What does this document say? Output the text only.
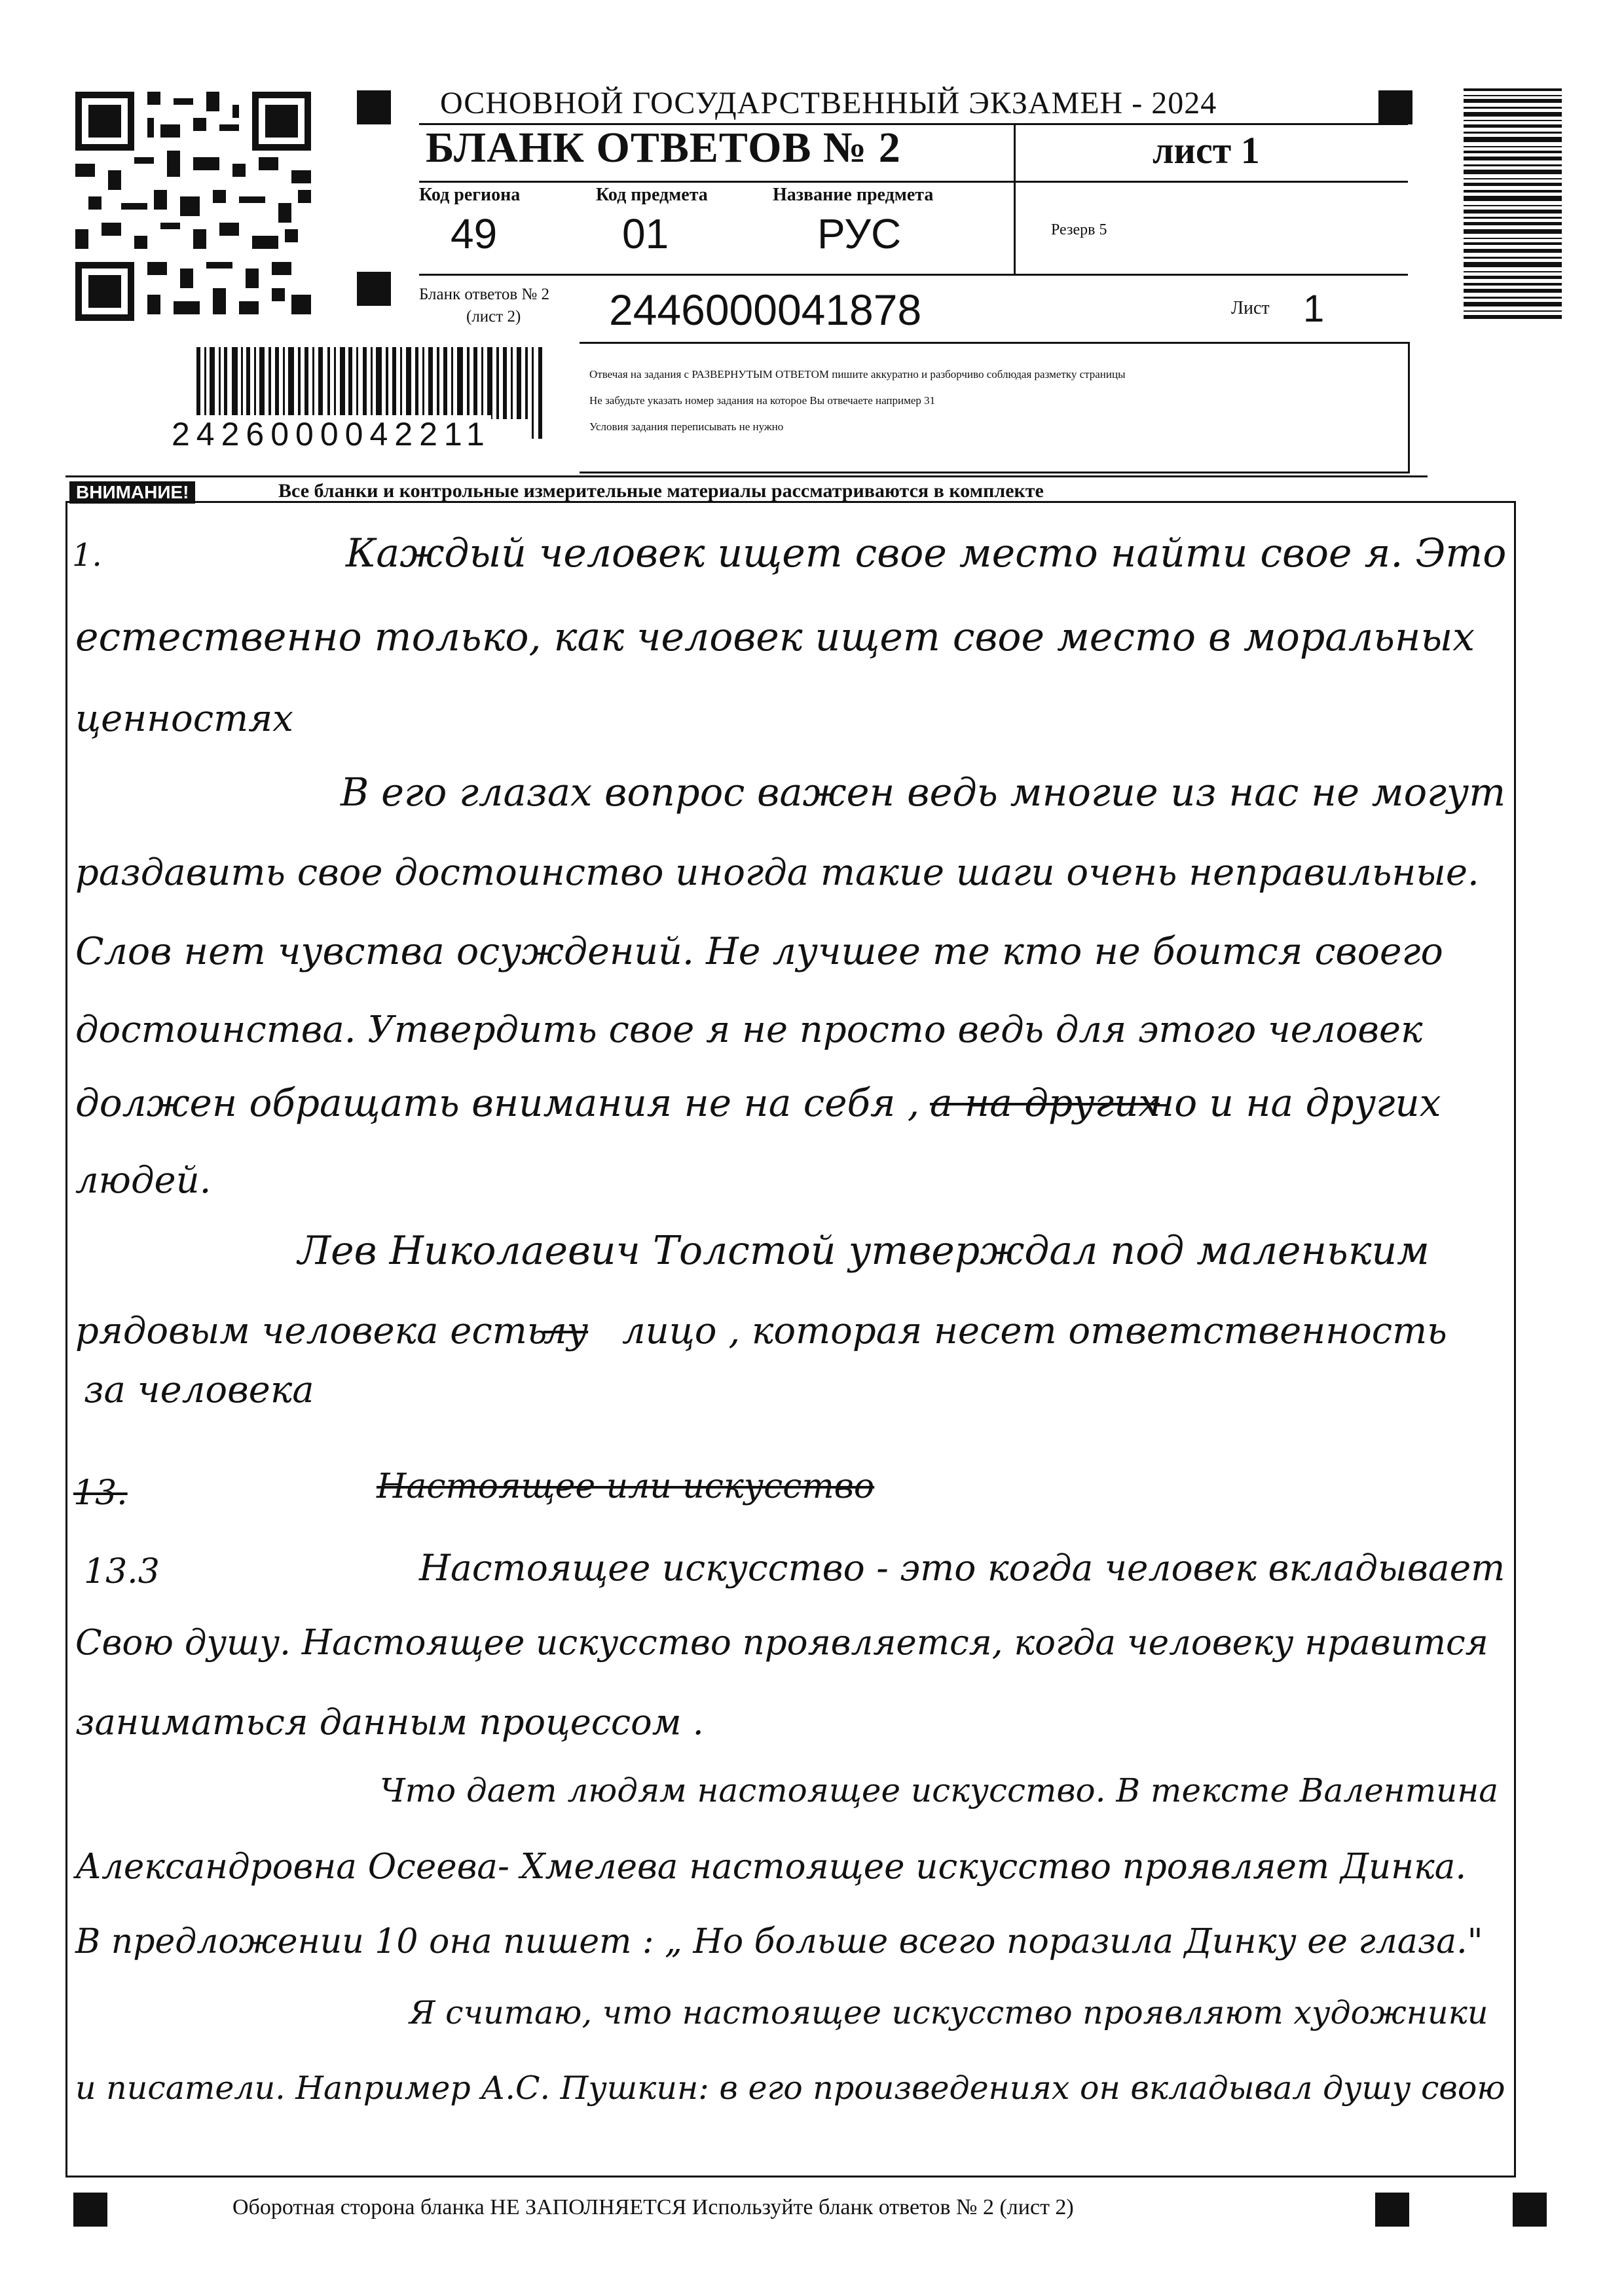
ОСНОВНОЙ ГОСУДАРСТВЕННЫЙ ЭКЗАМЕН - 2024
БЛАНК ОТВЕТОВ № 2	лист 1
Код региона
49
Код предмета
01
Название предмета
РУС	Резерв 5
Бланк ответов № 2
(лист 2) 2446000041878	Лист 1
Отвечая на задания с РАЗВЕРНУТЫМ ОТВЕТОМ пишите аккуратно и разборчиво соблюдая разметку страницы
Не забудьте указать номер задания на которое Вы отвечаете например 31
Условия задания переписывать не нужно
2426000042211
ВНИМАНИЕ!	Все бланки и контрольные измерительные материалы рассматриваются в комплекте
1.	Каждый человек ищет свое место найти свое я. Это
естественно только, как человек ищет свое место в моральных
ценностях
В его глазах вопрос важен ведь многие из нас не могут
раздавить свое достоинство иногда такие шаги очень неправильные.
Слов нет чувства осуждений. Не лучшее те кто не боится своего
достоинства. Утвердить свое я не просто ведь для этого человек
должен обращать внимания не на себя , а на других
но и на других
людей.
Лев Николаевич Толстой утверждал под маленьким
рядовым человека есть
лу лицо , которая несет ответственность
за человека
13.	Настоящее или искусство
13.3	Настоящее искусство - это когда человек вкладывает
Свою душу. Настоящее искусство проявляется, когда человеку нравится
заниматься данным процессом .
Что дает людям настоящее искусство. В тексте Валентина
Александровна Осеева- Хмелева настоящее искусство проявляет Динка.
В предложении 10 она пишет : „ Но больше всего поразила Динку ее глаза."
Я считаю, что настоящее искусство проявляют художники
и писатели. Например А.С. Пушкин: в его произведениях он вкладывал душу свою
Оборотная сторона бланка НЕ ЗАПОЛНЯЕТСЯ Используйте бланк ответов № 2 (лист 2)
